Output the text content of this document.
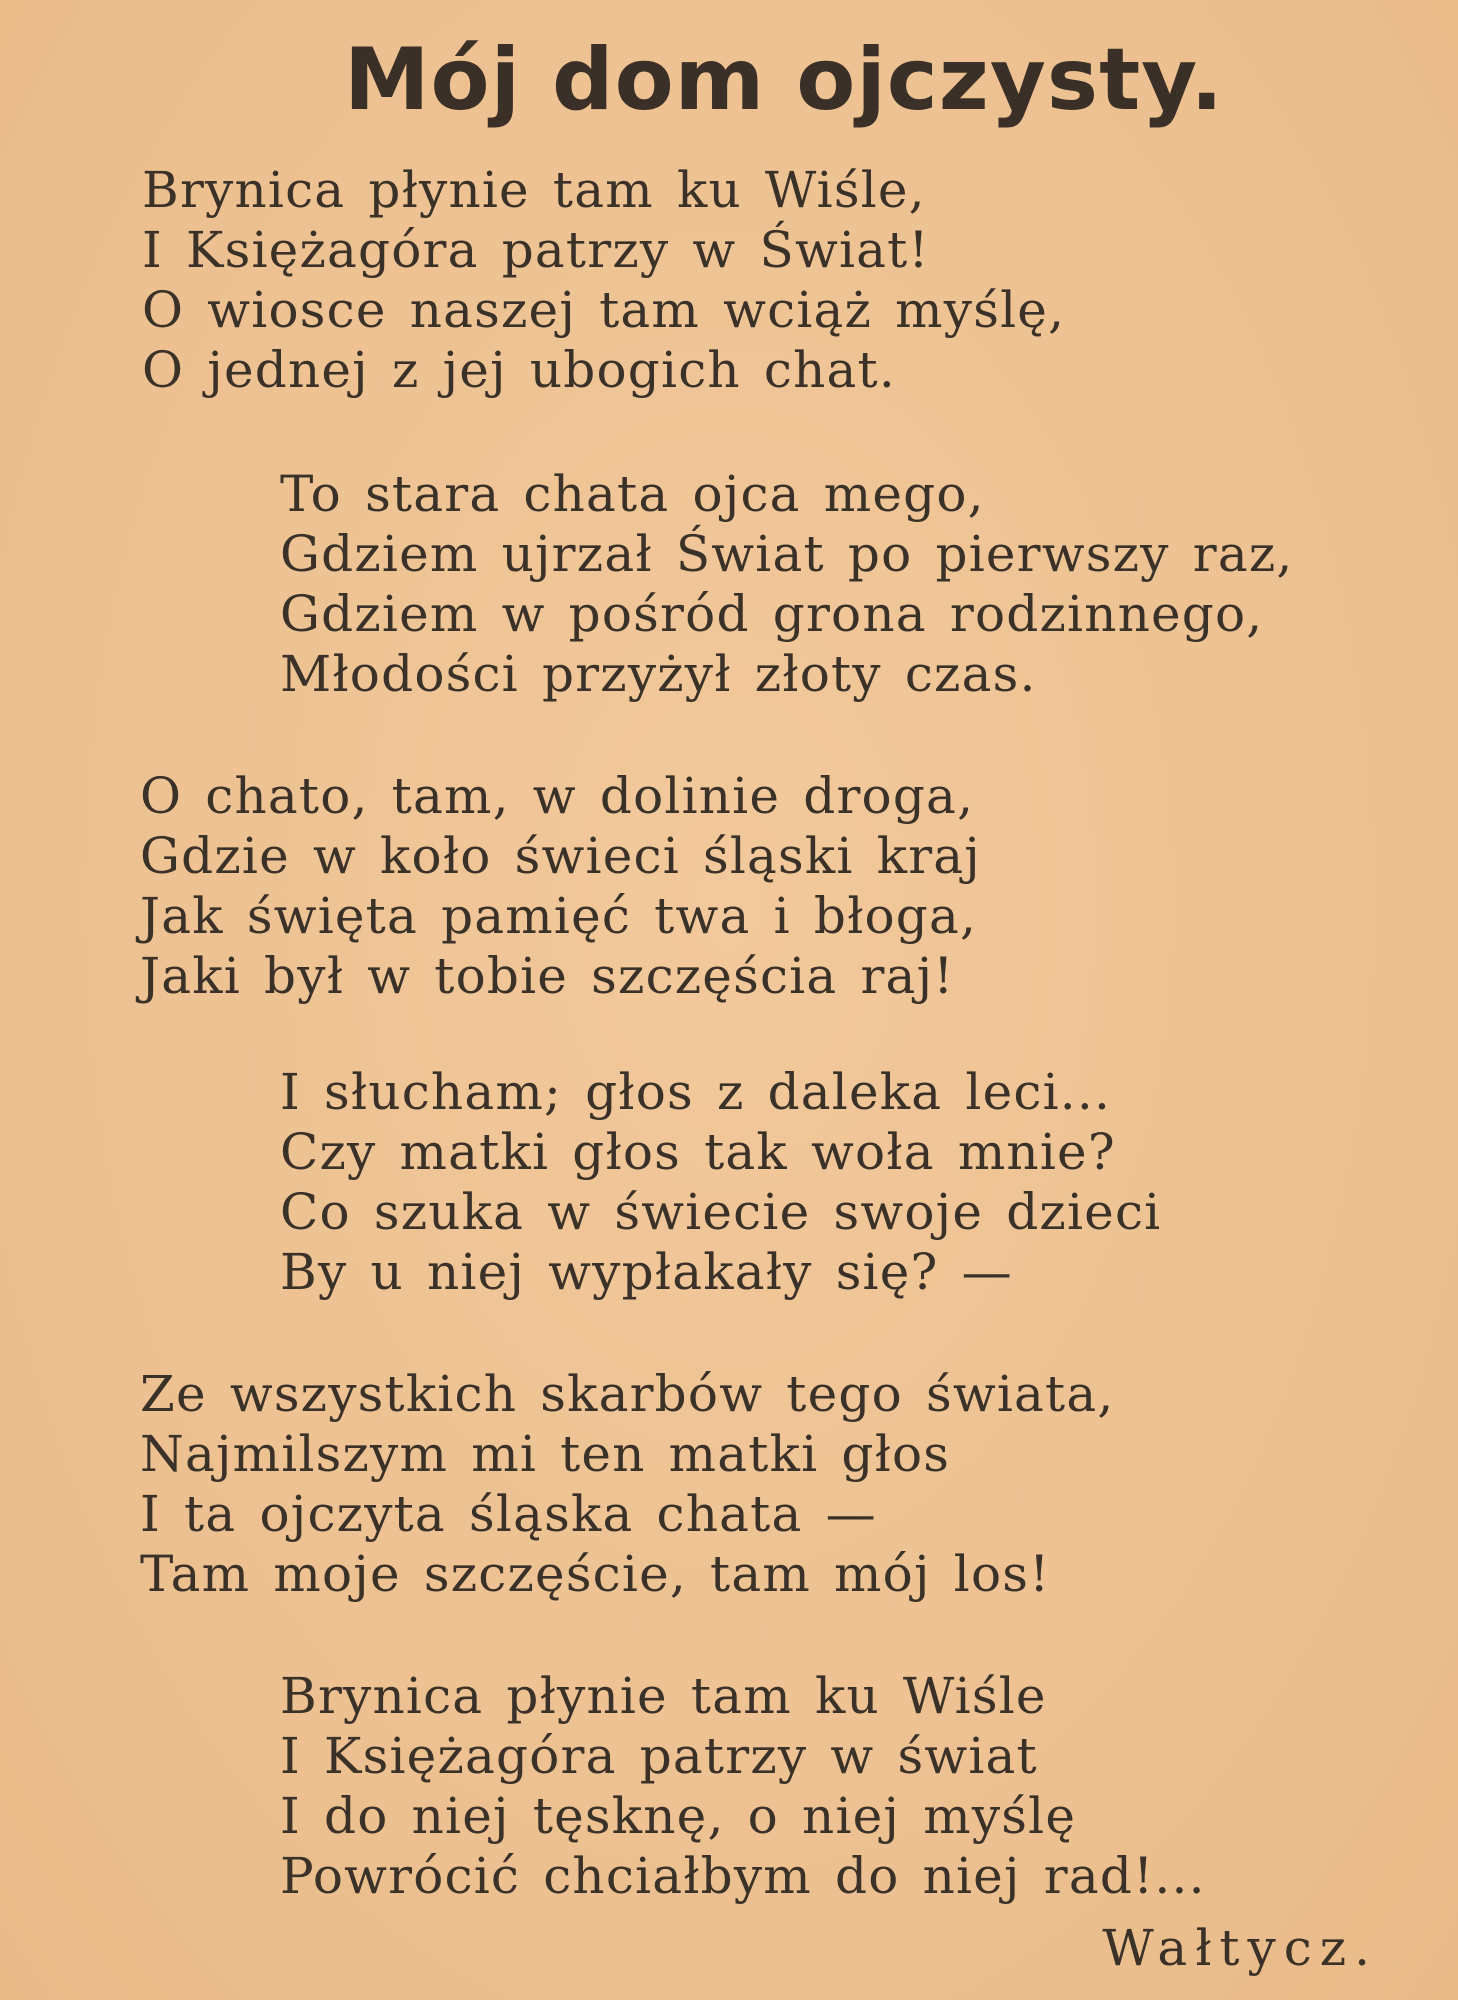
Mój dom ojczysty.
Brynica płynie tam ku Wiśle,
I Księżagóra patrzy w Świat!
O wiosce naszej tam wciąż myślę,
O jednej z jej ubogich chat.
To stara chata ojca mego,
Gdziem ujrzał Świat po pierwszy raz,
Gdziem w pośród grona rodzinnego,
Młodości przyżył złoty czas.
O chato, tam, w dolinie droga,
Gdzie w koło świeci śląski kraj
Jak święta pamięć twa i błoga,
Jaki był w tobie szczęścia raj!
I słucham; głos z daleka leci...
Czy matki głos tak woła mnie?
Co szuka w świecie swoje dzieci
By u niej wypłakały się? —
Ze wszystkich skarbów tego świata,
Najmilszym mi ten matki głos
I ta ojczyta śląska chata —
Tam moje szczęście, tam mój los!
Brynica płynie tam ku Wiśle
I Księżagóra patrzy w świat
I do niej tęsknę, o niej myślę
Powrócić chciałbym do niej rad!...

Wałtycz.
